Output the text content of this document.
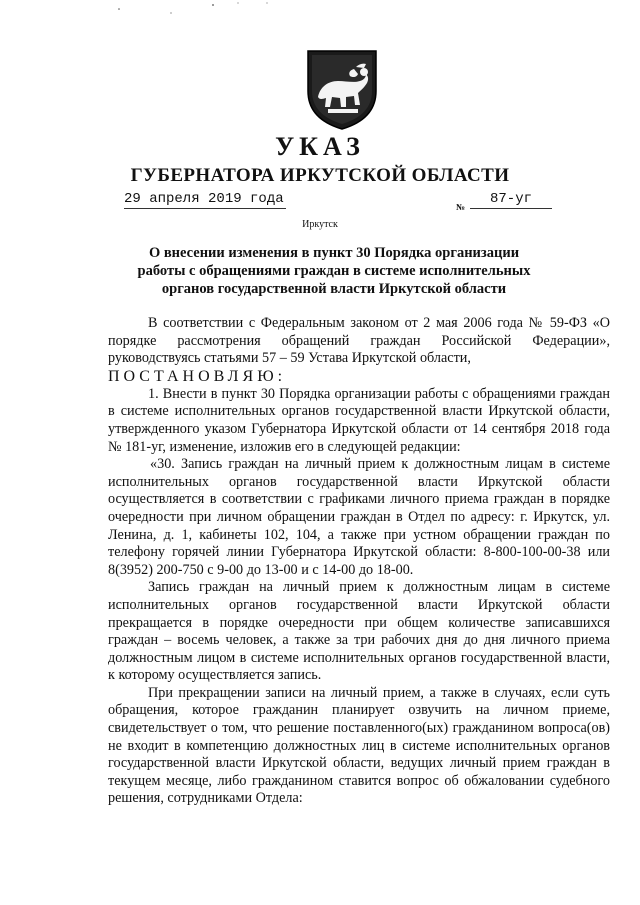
УКАЗ
ГУБЕРНАТОРА ИРКУТСКОЙ ОБЛАСТИ
29 апреля 2019 года	№	87-уг
Иркутск
О внесении изменения в пункт 30 Порядка организации работы с обращениями граждан в системе исполнительных органов государственной власти Иркутской области

В соответствии с Федеральным законом от 2 мая 2006 года № 59-ФЗ «О порядке рассмотрения обращений граждан Российской Федерации», руководствуясь статьями 57 – 59 Устава Иркутской области,

ПОСТАНОВЛЯЮ:

1. Внести в пункт 30 Порядка организации работы с обращениями граждан в системе исполнительных органов государственной власти Иркутской области, утвержденного указом Губернатора Иркутской области от 14 сентября 2018 года № 181-уг, изменение, изложив его в следующей редакции:

«30. Запись граждан на личный прием к должностным лицам в системе исполнительных органов государственной власти Иркутской области осуществляется в соответствии с графиками личного приема граждан в порядке очередности при личном обращении граждан в Отдел по адресу: г. Иркутск, ул. Ленина, д. 1, кабинеты 102, 104, а также при устном обращении граждан по телефону горячей линии Губернатора Иркутской области: 8-800-100-00-38 или 8(3952) 200-750 с 9-00 до 13-00 и с 14-00 до 18-00.

Запись граждан на личный прием к должностным лицам в системе исполнительных органов государственной власти Иркутской области прекращается в порядке очередности при общем количестве записавшихся граждан – восемь человек, а также за три рабочих дня до дня личного приема должностным лицом в системе исполнительных органов государственной власти, к которому осуществляется запись.

При прекращении записи на личный прием, а также в случаях, если суть обращения, которое гражданин планирует озвучить на личном приеме, свидетельствует о том, что решение поставленного(ых) гражданином вопроса(ов) не входит в компетенцию должностных лиц в системе исполнительных органов государственной власти Иркутской области, ведущих личный прием граждан в текущем месяце, либо гражданином ставится вопрос об обжаловании судебного решения, сотрудниками Отдела:
